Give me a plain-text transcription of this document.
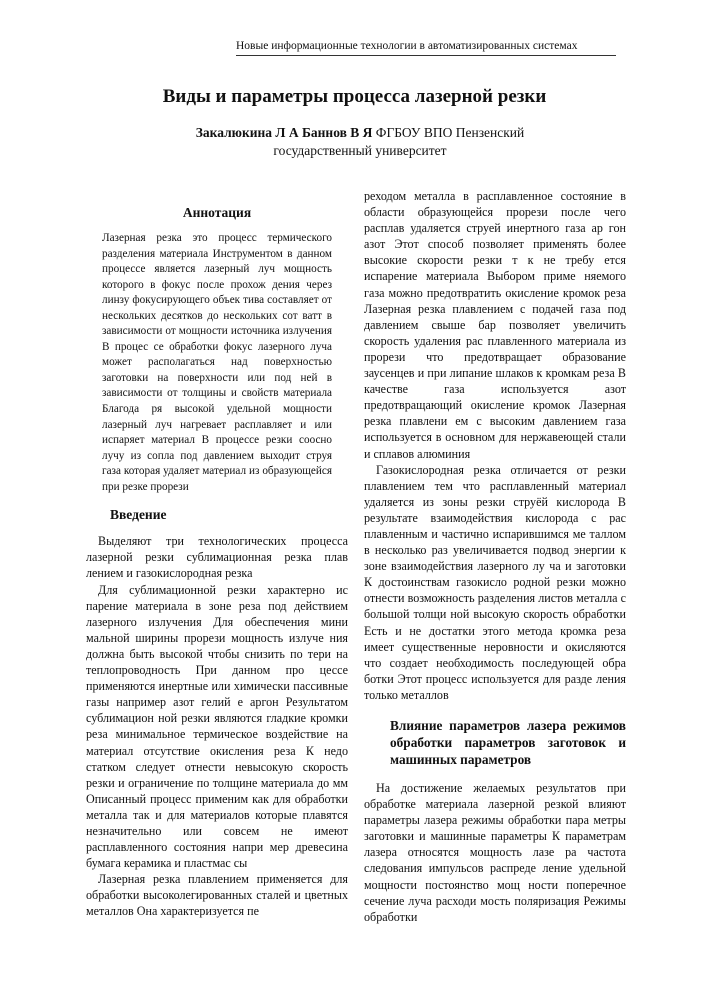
Новые информационные технологии в автоматизированных системах
Виды и параметры процесса лазерной резки
Закалюкина Л А Баннов В Я ФГБОУ ВПО Пензенский
государственный университет
Аннотация

Лазерная резка это процесс термического разделения материала Инструментом в данном процессе является лазерный луч мощность которого в фокус после прохож дения через линзу фокусирующего объек тива составляет от нескольких десятков до нескольких сот ватт в зависимости от мощности источника излучения В процес се обработки фокус лазерного луча может располагаться над поверхностью заготовки на поверхности или под ней в зависимости от толщины и свойств материала Благода ря высокой удельной мощности лазерный луч нагревает расплавляет и или испаряет материал В процессе резки соосно лучу из сопла под давлением выходит струя газа которая удаляет материал из образующейся при резке прорези

Введение

Выделяют три технологических процесса лазерной резки сублимационная резка плав лением и газокислородная резка

Для сублимационной резки характерно ис парение материала в зоне реза под действием лазерного излучения Для обеспечения мини мальной ширины прорези мощность излуче ния должна быть высокой чтобы снизить по тери на теплопроводность При данном про цессе применяются инертные или химически пассивные газы например азот гелий е аргон Результатом сублимацион ной резки являются гладкие кромки реза минимальное термическое воздействие на материал отсутствие окисления реза К недо статком следует отнести невысокую скорость резки и ограничение по толщине материала до мм Описанный процесс применим как для обработки металла так и для материалов которые плавятся незначительно или совсем не имеют расплавленного состояния напри мер древесина бумага керамика и пластмас сы

Лазерная резка плавлением применяется для обработки высоколегированных сталей и цветных металлов Она характеризуется пе

реходом металла в расплавленное состояние в области образующейся прорези после чего расплав удаляется струей инертного газа ар гон азот Этот способ позволяет применять более высокие скорости резки т к не требу ется испарение материала Выбором приме няемого газа можно предотвратить окисление кромок реза Лазерная резка плавлением с подачей газа под давлением свыше бар позволяет увеличить скорость удаления рас плавленного материала из прорези что предотвращает образование заусенцев и при липание шлаков к кромкам реза В качестве газа используется азот предотвращающий окисление кромок Лазерная резка плавлени ем с высоким давлением газа используется в основном для нержавеющей стали и сплавов алюминия

Газокислородная резка отличается от резки плавлением тем что расплавленный материал удаляется из зоны резки струёй кислорода В результате взаимодействия кислорода с рас плавленным и частично испарившимся ме таллом в несколько раз увеличивается подвод энергии к зоне взаимодействия лазерного лу ча и заготовки К достоинствам газокисло родной резки можно отнести возможность разделения листов металла с большой толщи ной высокую скорость обработки Есть и не достатки этого метода кромка реза имеет существенные неровности и окисляются что создает необходимость последующей обра ботки Этот процесс используется для разде ления только металлов

Влияние параметров лазера режимов обработки параметров заготовок и машинных параметров

На достижение желаемых результатов при обработке материала лазерной резкой влияют параметры лазера режимы обработки пара метры заготовки и машинные параметры К параметрам лазера относятся мощность лазе ра частота следования импульсов распреде ление удельной мощности постоянство мощ ности поперечное сечение луча расходи мость поляризация Режимы обработки
